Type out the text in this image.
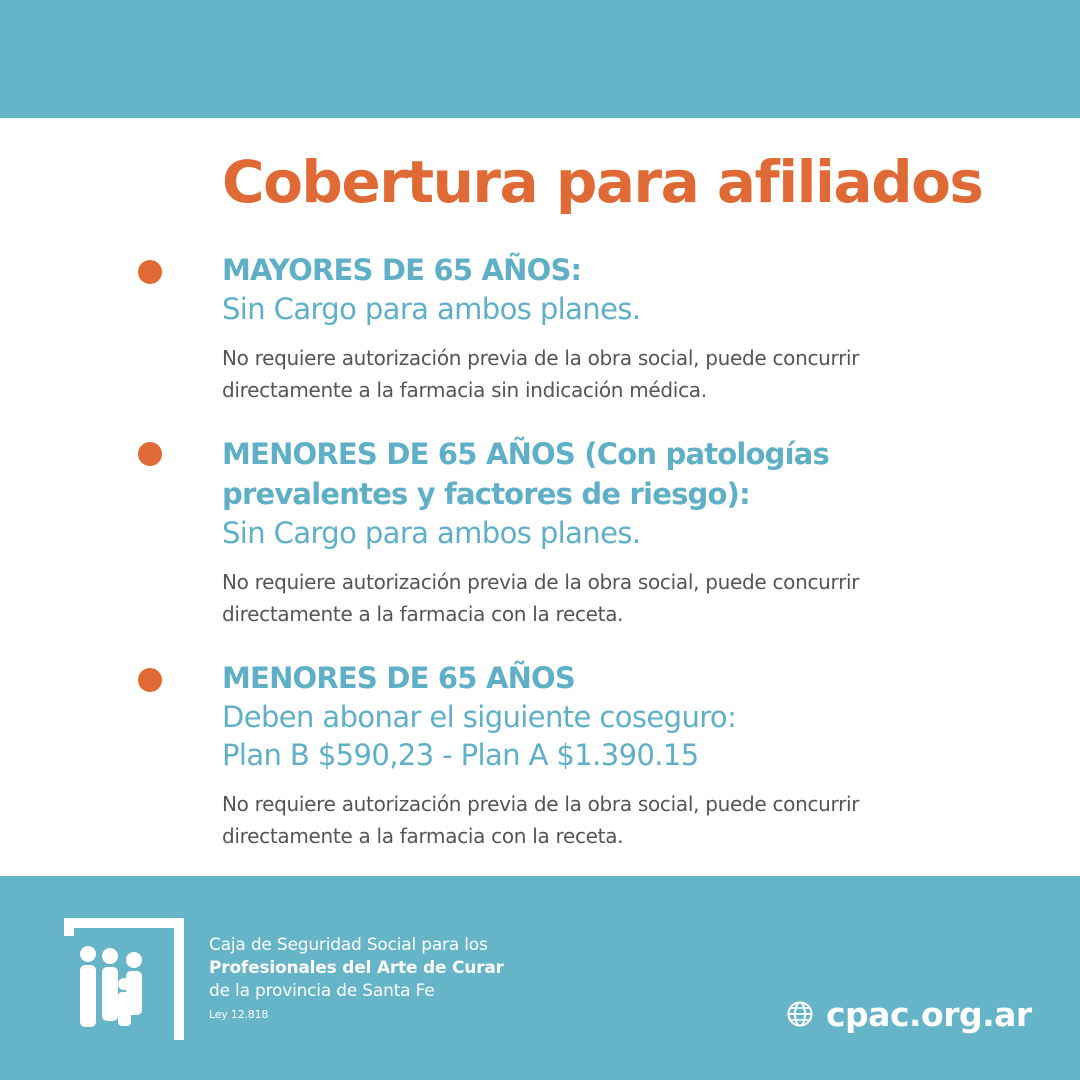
Cobertura para afiliados

MAYORES DE 65 AÑOS:

Sin Cargo para ambos planes.

No requiere autorización previa de la obra social, puede concurrir
directamente a la farmacia sin indicación médica.

MENORES DE 65 AÑOS (Con patologías
prevalentes y factores de riesgo):

Sin Cargo para ambos planes.

No requiere autorización previa de la obra social, puede concurrir
directamente a la farmacia con la receta.

MENORES DE 65 AÑOS

Deben abonar el siguiente coseguro:
Plan B $590,23 - Plan A $1.390.15

No requiere autorización previa de la obra social, puede concurrir
directamente a la farmacia con la receta.

Caja de Seguridad Social para los
Profesionales del Arte de Curar
de la provincia de Santa Fe
Ley 12.818	cpac.org.ar
